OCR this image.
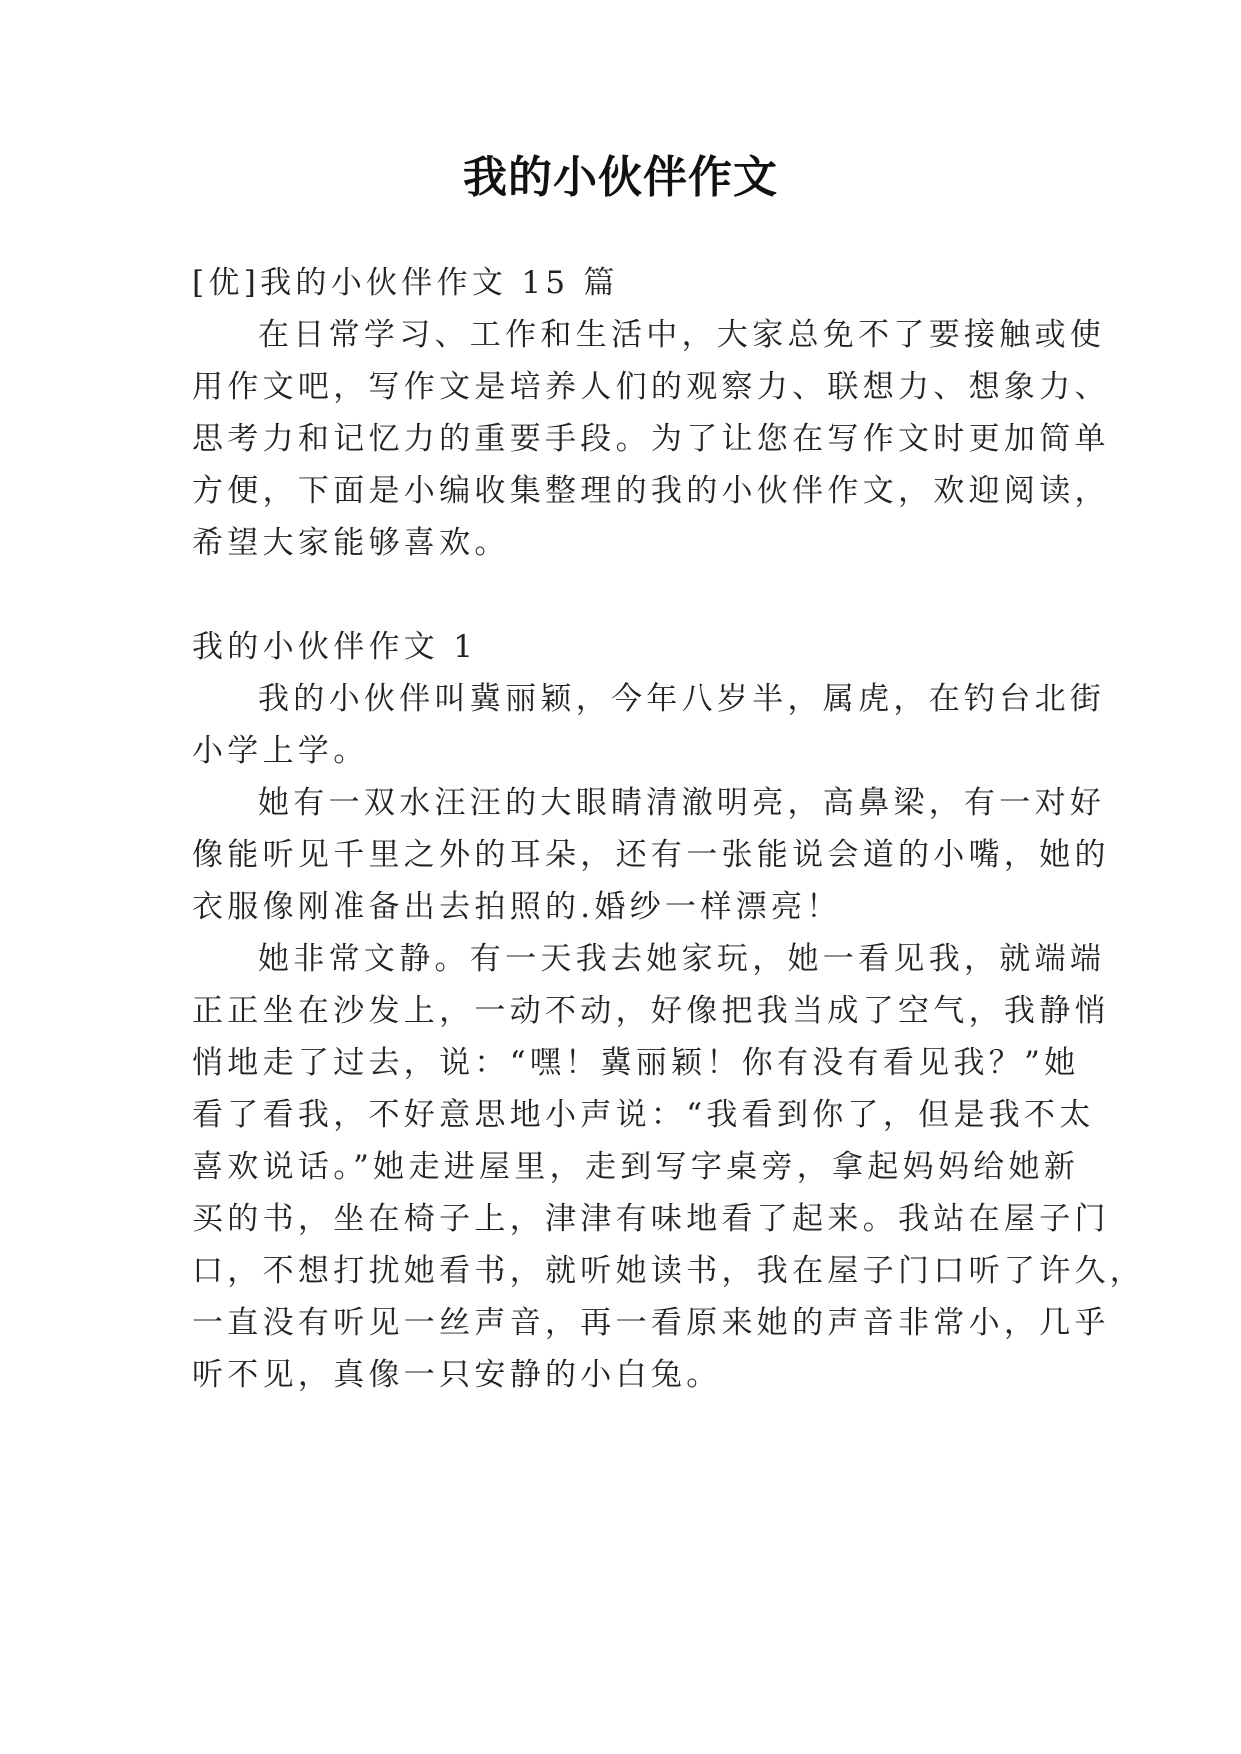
我的小伙伴作文
[优]我的小伙伴作文 15 篇
在日常学习、工作和生活中，大家总免不了要接触或使
用作文吧，写作文是培养人们的观察力、联想力、想象力、
思考力和记忆力的重要手段。为了让您在写作文时更加简单
方便，下面是小编收集整理的我的小伙伴作文，欢迎阅读，
希望大家能够喜欢。
我的小伙伴作文 1
我的小伙伴叫冀丽颖，今年八岁半，属虎，在钓台北街
小学上学。
她有一双水汪汪的大眼睛清澈明亮，高鼻梁，有一对好
像能听见千里之外的耳朵，还有一张能说会道的小嘴，她的
衣服像刚准备出去拍照的.婚纱一样漂亮！
她非常文静。有一天我去她家玩，她一看见我，就端端
正正坐在沙发上，一动不动，好像把我当成了空气，我静悄
悄地走了过去，说：“嘿！冀丽颖！你有没有看见我？”她
看了看我，不好意思地小声说：“我看到你了，但是我不太
喜欢说话。”她走进屋里，走到写字桌旁，拿起妈妈给她新
买的书，坐在椅子上，津津有味地看了起来。我站在屋子门
口，不想打扰她看书，就听她读书，我在屋子门口听了许久，
一直没有听见一丝声音，再一看原来她的声音非常小，几乎
听不见，真像一只安静的小白兔。
